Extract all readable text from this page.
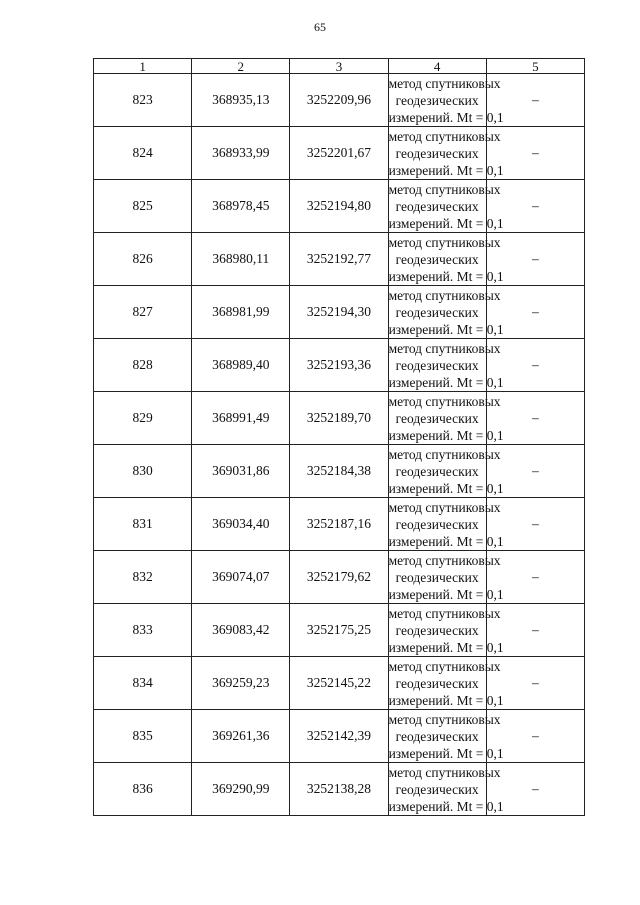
65
1	2	3	4	5
823	368935,13	3252209,96	метод спутниковых
геодезических
измерений. Mt = 0,1	–
824	368933,99	3252201,67	метод спутниковых
геодезических
измерений. Mt = 0,1	–
825	368978,45	3252194,80	метод спутниковых
геодезических
измерений. Mt = 0,1	–
826	368980,11	3252192,77	метод спутниковых
геодезических
измерений. Mt = 0,1	–
827	368981,99	3252194,30	метод спутниковых
геодезических
измерений. Mt = 0,1	–
828	368989,40	3252193,36	метод спутниковых
геодезических
измерений. Mt = 0,1	–
829	368991,49	3252189,70	метод спутниковых
геодезических
измерений. Mt = 0,1	–
830	369031,86	3252184,38	метод спутниковых
геодезических
измерений. Mt = 0,1	–
831	369034,40	3252187,16	метод спутниковых
геодезических
измерений. Mt = 0,1	–
832	369074,07	3252179,62	метод спутниковых
геодезических
измерений. Mt = 0,1	–
833	369083,42	3252175,25	метод спутниковых
геодезических
измерений. Mt = 0,1	–
834	369259,23	3252145,22	метод спутниковых
геодезических
измерений. Mt = 0,1	–
835	369261,36	3252142,39	метод спутниковых
геодезических
измерений. Mt = 0,1	–
836	369290,99	3252138,28	метод спутниковых
геодезических
измерений. Mt = 0,1	–
